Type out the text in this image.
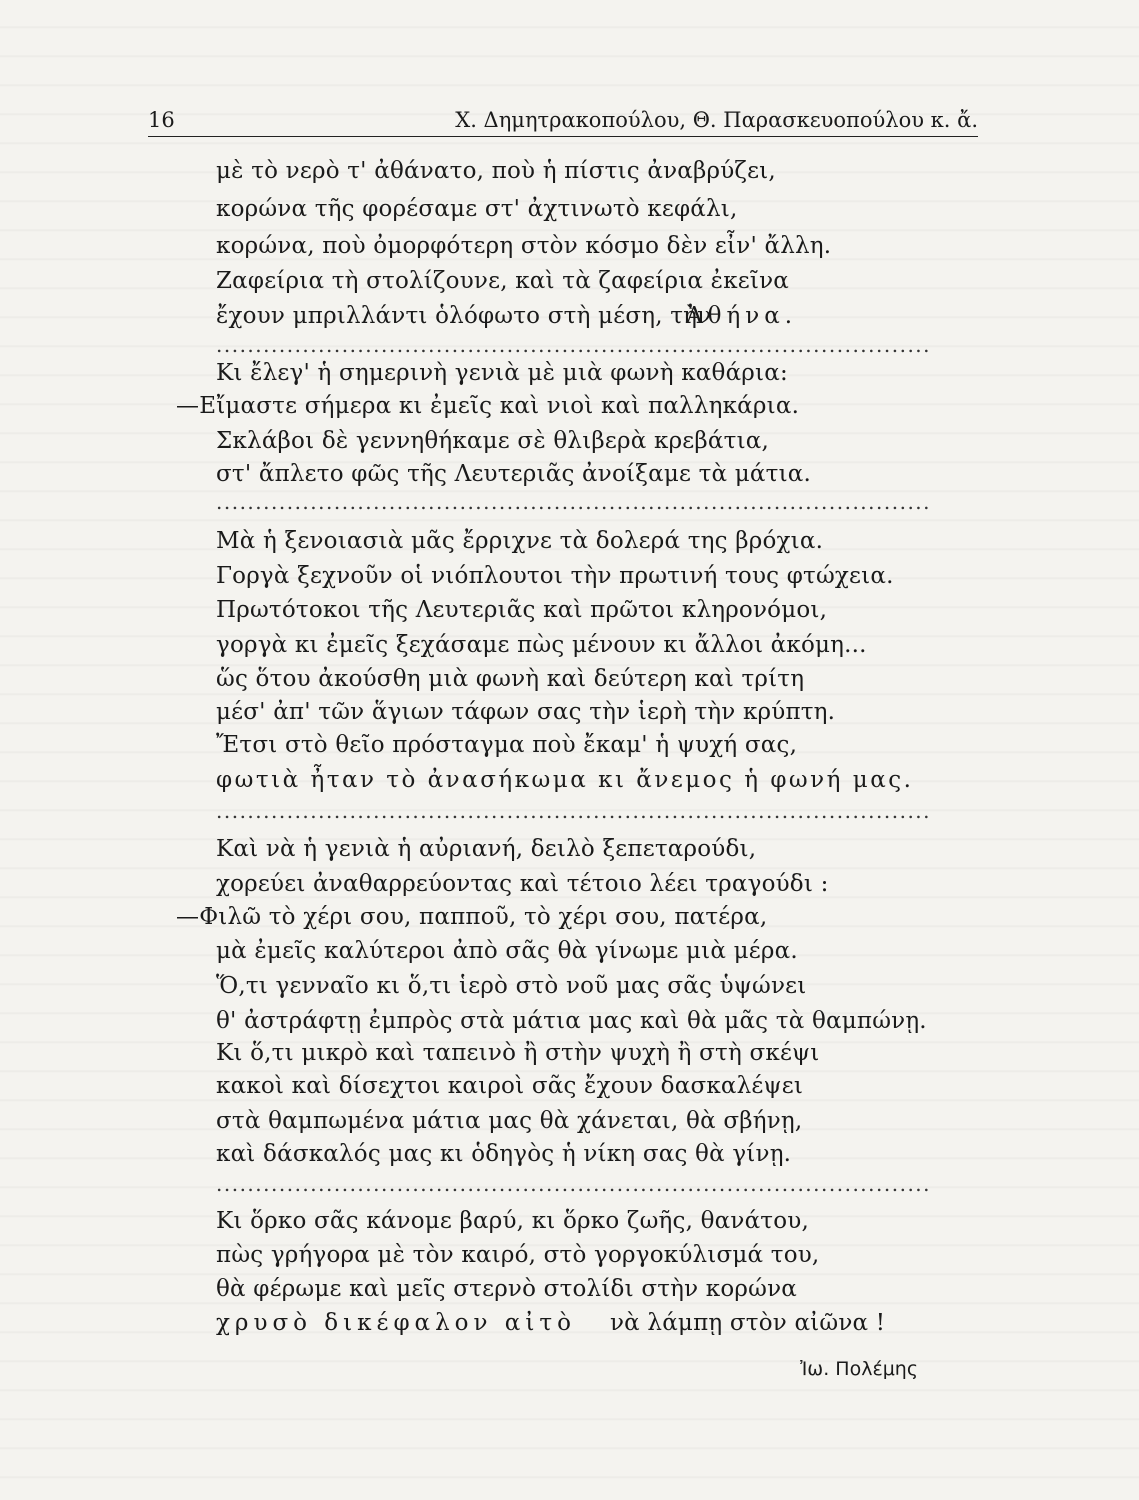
16	Χ. Δημητρακοπούλου, Θ. Παρασκευοπούλου κ. ἄ.
μὲ τὸ νερὸ τ' ἀθάνατο, ποὺ ἡ πίστις ἀναβρύζει,
κορώνα τῆς φορέσαμε στ' ἀχτινωτὸ κεφάλι,
κορώνα, ποὺ ὀμορφότερη στὸν κόσμο δὲν εἶν' ἄλλη.
Ζαφείρια τὴ στολίζουνε, καὶ τὰ ζαφείρια ἐκεῖνα
ἔχουν μπριλλάντι ὁλόφωτο στὴ μέση, τὴν
Ἀθήνα.
...........................................................................................
Κι ἔλεγ' ἡ σημερινὴ γενιὰ μὲ μιὰ φωνὴ καθάρια:
—Εἴμαστε σήμερα κι ἐμεῖς καὶ νιοὶ καὶ παλληκάρια.
Σκλάβοι δὲ γεννηθήκαμε σὲ θλιβερὰ κρεβάτια,
στ' ἄπλετο φῶς τῆς Λευτεριᾶς ἀνοίξαμε τὰ μάτια.
...........................................................................................
Μὰ ἡ ξενοιασιὰ μᾶς ἔρριχνε τὰ δολερά της βρόχια.
Γοργὰ ξεχνοῦν οἱ νιόπλουτοι τὴν πρωτινή τους φτώχεια.
Πρωτότοκοι τῆς Λευτεριᾶς καὶ πρῶτοι κληρονόμοι,
γοργὰ κι ἐμεῖς ξεχάσαμε πὼς μένουν κι ἄλλοι ἀκόμη...
ὥς ὅτου ἀκούσθη μιὰ φωνὴ καὶ δεύτερη καὶ τρίτη
μέσ' ἀπ' τῶν ἅγιων τάφων σας τὴν ἱερὴ τὴν κρύπτη.
Ἔτσι στὸ θεῖο πρόσταγμα ποὺ ἔκαμ' ἡ ψυχή σας,
φωτιὰ ἦταν τὸ ἀνασήκωμα κι ἄνεμος ἡ φωνή μας.
...........................................................................................
Καὶ νὰ ἡ γενιὰ ἡ αὐριανή, δειλὸ ξεπεταρούδι,
χορεύει ἀναθαρρεύοντας καὶ τέτοιο λέει τραγούδι :
—Φιλῶ τὸ χέρι σου, παπποῦ, τὸ χέρι σου, πατέρα,
μὰ ἐμεῖς καλύτεροι ἀπὸ σᾶς θὰ γίνωμε μιὰ μέρα.
Ὅ,τι γενναῖο κι ὅ,τι ἱερὸ στὸ νοῦ μας σᾶς ὑψώνει
θ' ἀστράφτῃ ἐμπρὸς στὰ μάτια μας καὶ θὰ μᾶς τὰ θαμπώνῃ.
Κι ὅ,τι μικρὸ καὶ ταπεινὸ ἢ στὴν ψυχὴ ἢ στὴ σκέψι
κακοὶ καὶ δίσεχτοι καιροὶ σᾶς ἔχουν δασκαλέψει
στὰ θαμπωμένα μάτια μας θὰ χάνεται, θὰ σβήνῃ,
καὶ δάσκαλός μας κι ὁδηγὸς ἡ νίκη σας θὰ γίνῃ.
...........................................................................................
Κι ὅρκο σᾶς κάνομε βαρύ, κι ὅρκο ζωῆς, θανάτου,
πὼς γρήγορα μὲ τὸν καιρό, στὸ γοργοκύλισμά του,
θὰ φέρωμε καὶ μεῖς στερνὸ στολίδι στὴν κορώνα
χρυσὸ δικέφαλον αἰτὸ νὰ λάμπῃ στὸν αἰῶνα !
Ἰω. Πολέμης
